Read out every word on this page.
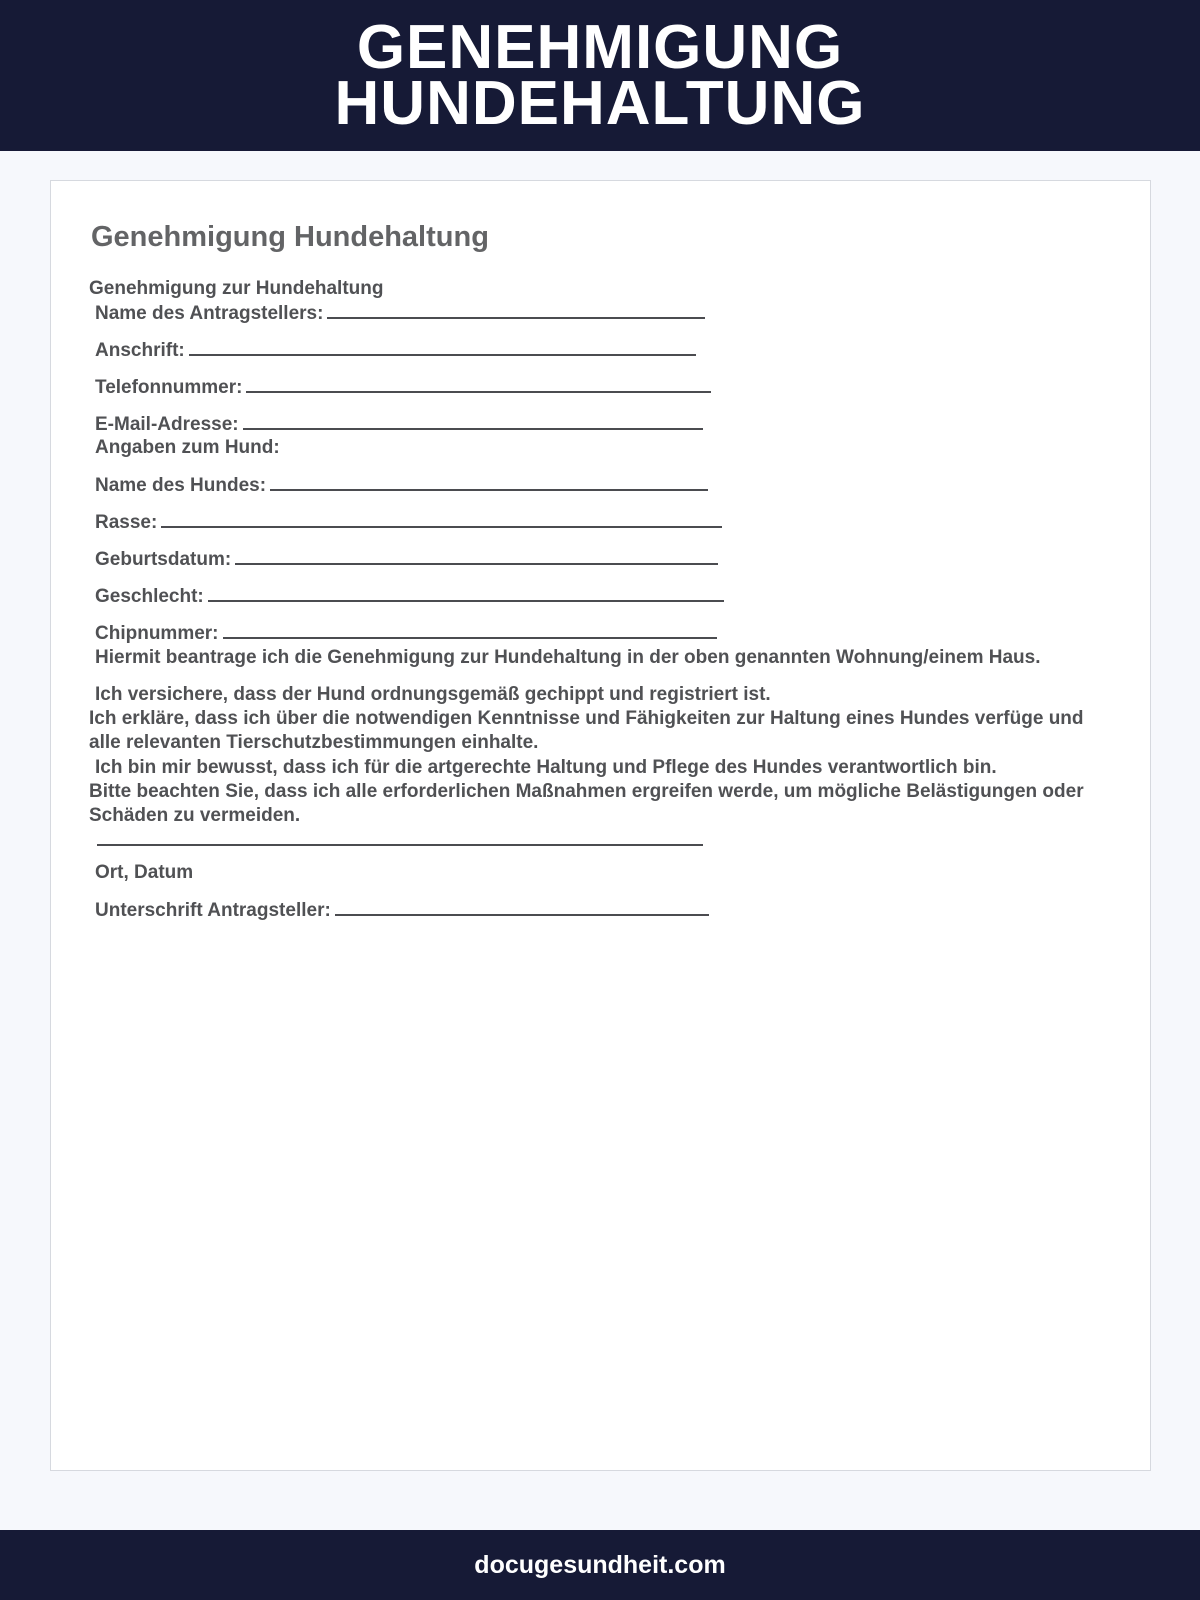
GENEHMIGUNG
HUNDEHALTUNG
Genehmigung Hundehaltung
Genehmigung zur Hundehaltung
Name des Antragstellers:
Anschrift:
Telefonnummer:
E-Mail-Adresse:
Angaben zum Hund:
Name des Hundes:
Rasse:
Geburtsdatum:
Geschlecht:
Chipnummer:
Hiermit beantrage ich die Genehmigung zur Hundehaltung in der oben genannten Wohnung/einem Haus.
Ich versichere, dass der Hund ordnungsgemäß gechippt und registriert ist.
Ich erkläre, dass ich über die notwendigen Kenntnisse und Fähigkeiten zur Haltung eines Hundes verfüge und alle relevanten Tierschutzbestimmungen einhalte.
Ich bin mir bewusst, dass ich für die artgerechte Haltung und Pflege des Hundes verantwortlich bin.
Bitte beachten Sie, dass ich alle erforderlichen Maßnahmen ergreifen werde, um mögliche Belästigungen oder Schäden zu vermeiden.
Ort, Datum
Unterschrift Antragsteller:
docugesundheit.com
